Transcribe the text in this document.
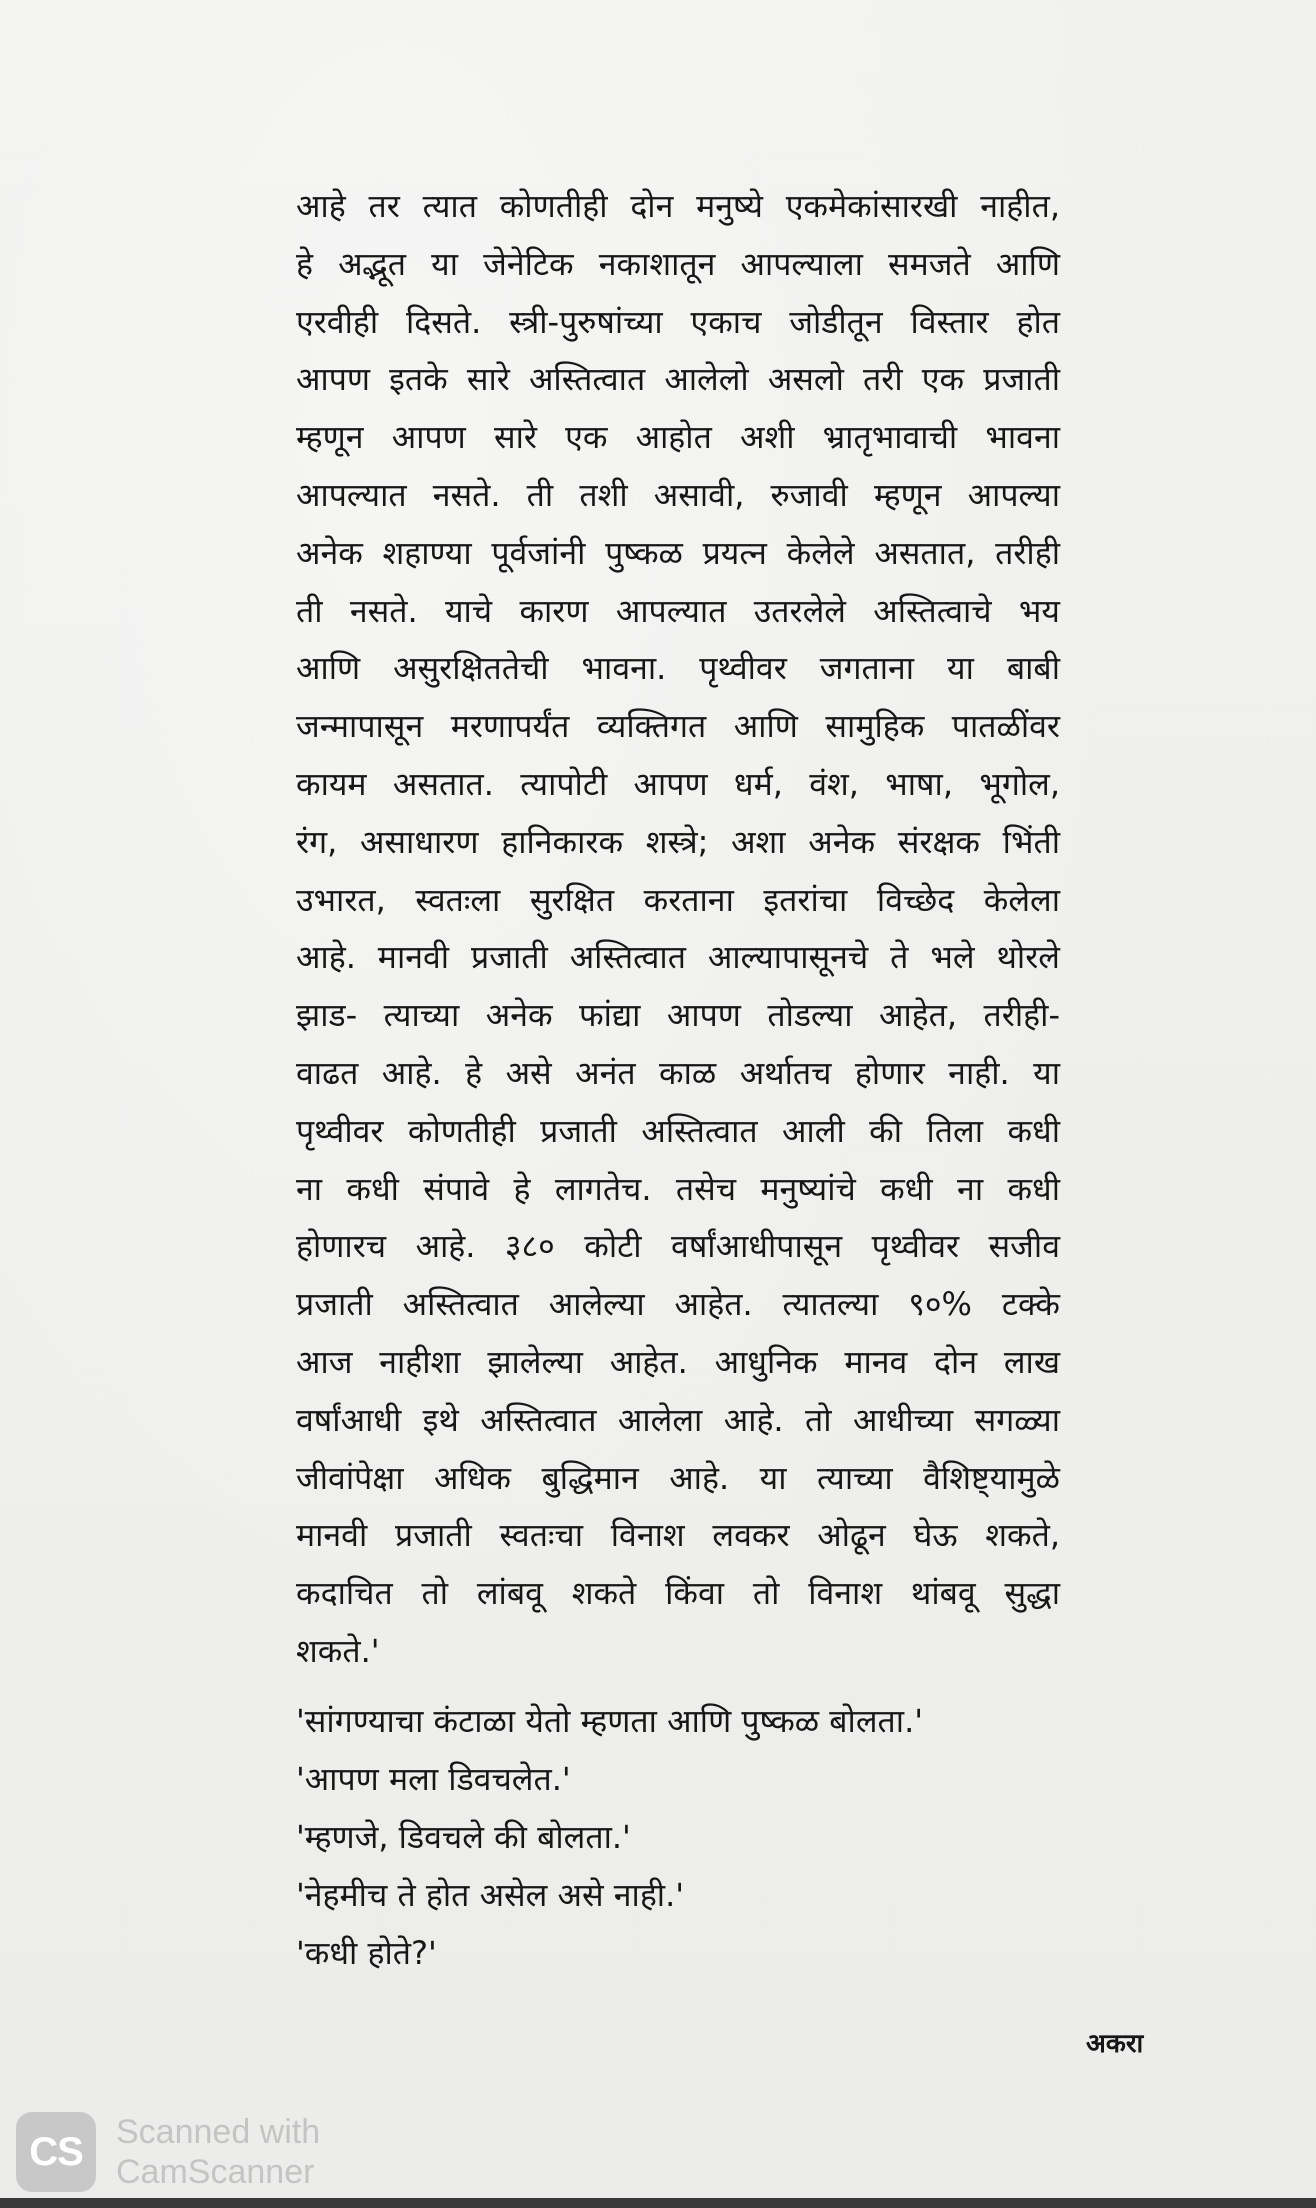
आहे तर त्यात कोणतीही दोन मनुष्ये एकमेकांसारखी नाहीत,
हे अद्भूत या जेनेटिक नकाशातून आपल्याला समजते आणि
एरवीही दिसते. स्त्री-पुरुषांच्या एकाच जोडीतून विस्तार होत
आपण इतके सारे अस्तित्वात आलेलो असलो तरी एक प्रजाती
म्हणून आपण सारे एक आहोत अशी भ्रातृभावाची भावना
आपल्यात नसते. ती तशी असावी, रुजावी म्हणून आपल्या
अनेक शहाण्या पूर्वजांनी पुष्कळ प्रयत्न केलेले असतात, तरीही
ती नसते. याचे कारण आपल्यात उतरलेले अस्तित्वाचे भय
आणि असुरक्षिततेची भावना. पृथ्वीवर जगताना या बाबी
जन्मापासून मरणापर्यंत व्यक्तिगत आणि सामुहिक पातळींवर
कायम असतात. त्यापोटी आपण धर्म, वंश, भाषा, भूगोल,
रंग, असाधारण हानिकारक शस्त्रे; अशा अनेक संरक्षक भिंती
उभारत, स्वतःला सुरक्षित करताना इतरांचा विच्छेद केलेला
आहे. मानवी प्रजाती अस्तित्वात आल्यापासूनचे ते भले थोरले
झाड- त्याच्या अनेक फांद्या आपण तोडल्या आहेत, तरीही-
वाढत आहे. हे असे अनंत काळ अर्थातच होणार नाही. या
पृथ्वीवर कोणतीही प्रजाती अस्तित्वात आली की तिला कधी
ना कधी संपावे हे लागतेच. तसेच मनुष्यांचे कधी ना कधी
होणारच आहे. ३८० कोटी वर्षांआधीपासून पृथ्वीवर सजीव
प्रजाती अस्तित्वात आलेल्या आहेत. त्यातल्या ९०% टक्के
आज नाहीशा झालेल्या आहेत. आधुनिक मानव दोन लाख
वर्षांआधी इथे अस्तित्वात आलेला आहे. तो आधीच्या सगळ्या
जीवांपेक्षा अधिक बुद्धिमान आहे. या त्याच्या वैशिष्ट्यामुळे
मानवी प्रजाती स्वतःचा विनाश लवकर ओढून घेऊ शकते,
कदाचित तो लांबवू शकते किंवा तो विनाश थांबवू सुद्धा
शकते.'
'सांगण्याचा कंटाळा येतो म्हणता आणि पुष्कळ बोलता.'
'आपण मला डिवचलेत.'
'म्हणजे, डिवचले की बोलता.'
'नेहमीच ते होत असेल असे नाही.'
'कधी होते?'
अकरा
CS Scanned with
CamScanner
